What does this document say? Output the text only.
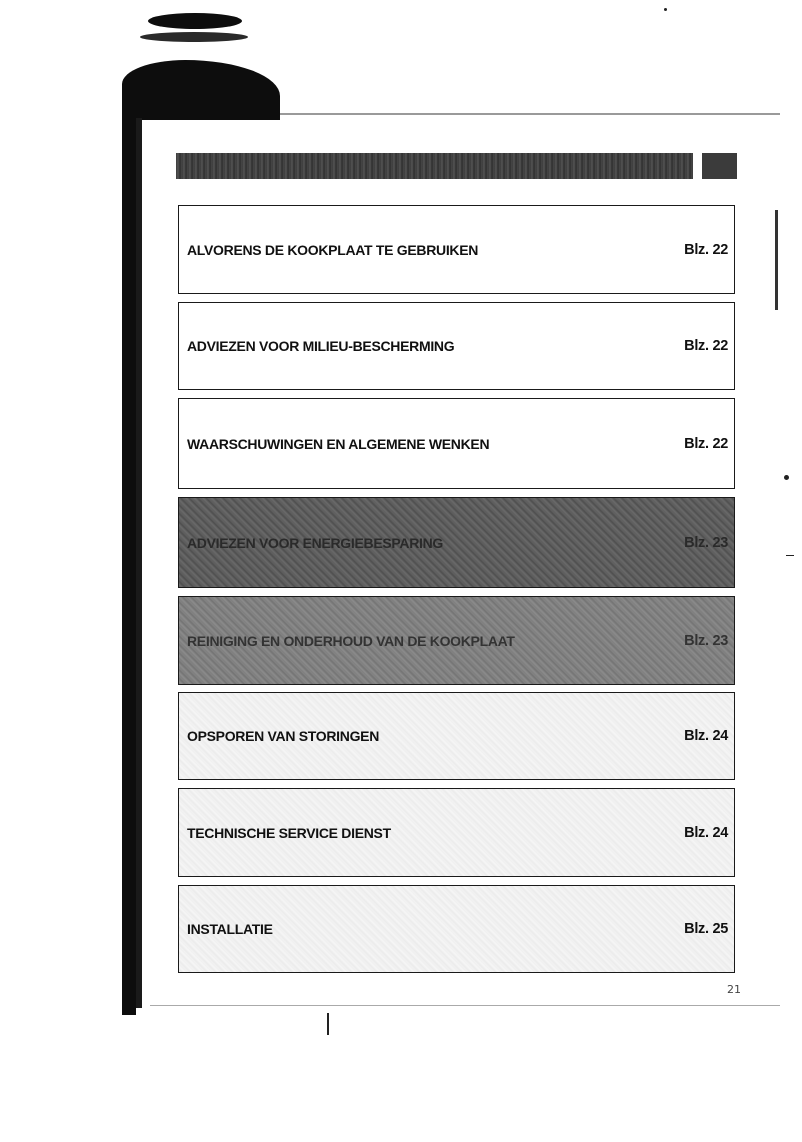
ALVORENS DE KOOKPLAAT TE GEBRUIKEN	Blz. 22
ADVIEZEN VOOR MILIEU-BESCHERMING	Blz. 22
WAARSCHUWINGEN EN ALGEMENE WENKEN	Blz. 22
ADVIEZEN VOOR ENERGIEBESPARING	Blz. 23
REINIGING EN ONDERHOUD VAN DE KOOKPLAAT	Blz. 23
OPSPOREN VAN STORINGEN	Blz. 24
TECHNISCHE SERVICE DIENST	Blz. 24
INSTALLATIE	Blz. 25
21
